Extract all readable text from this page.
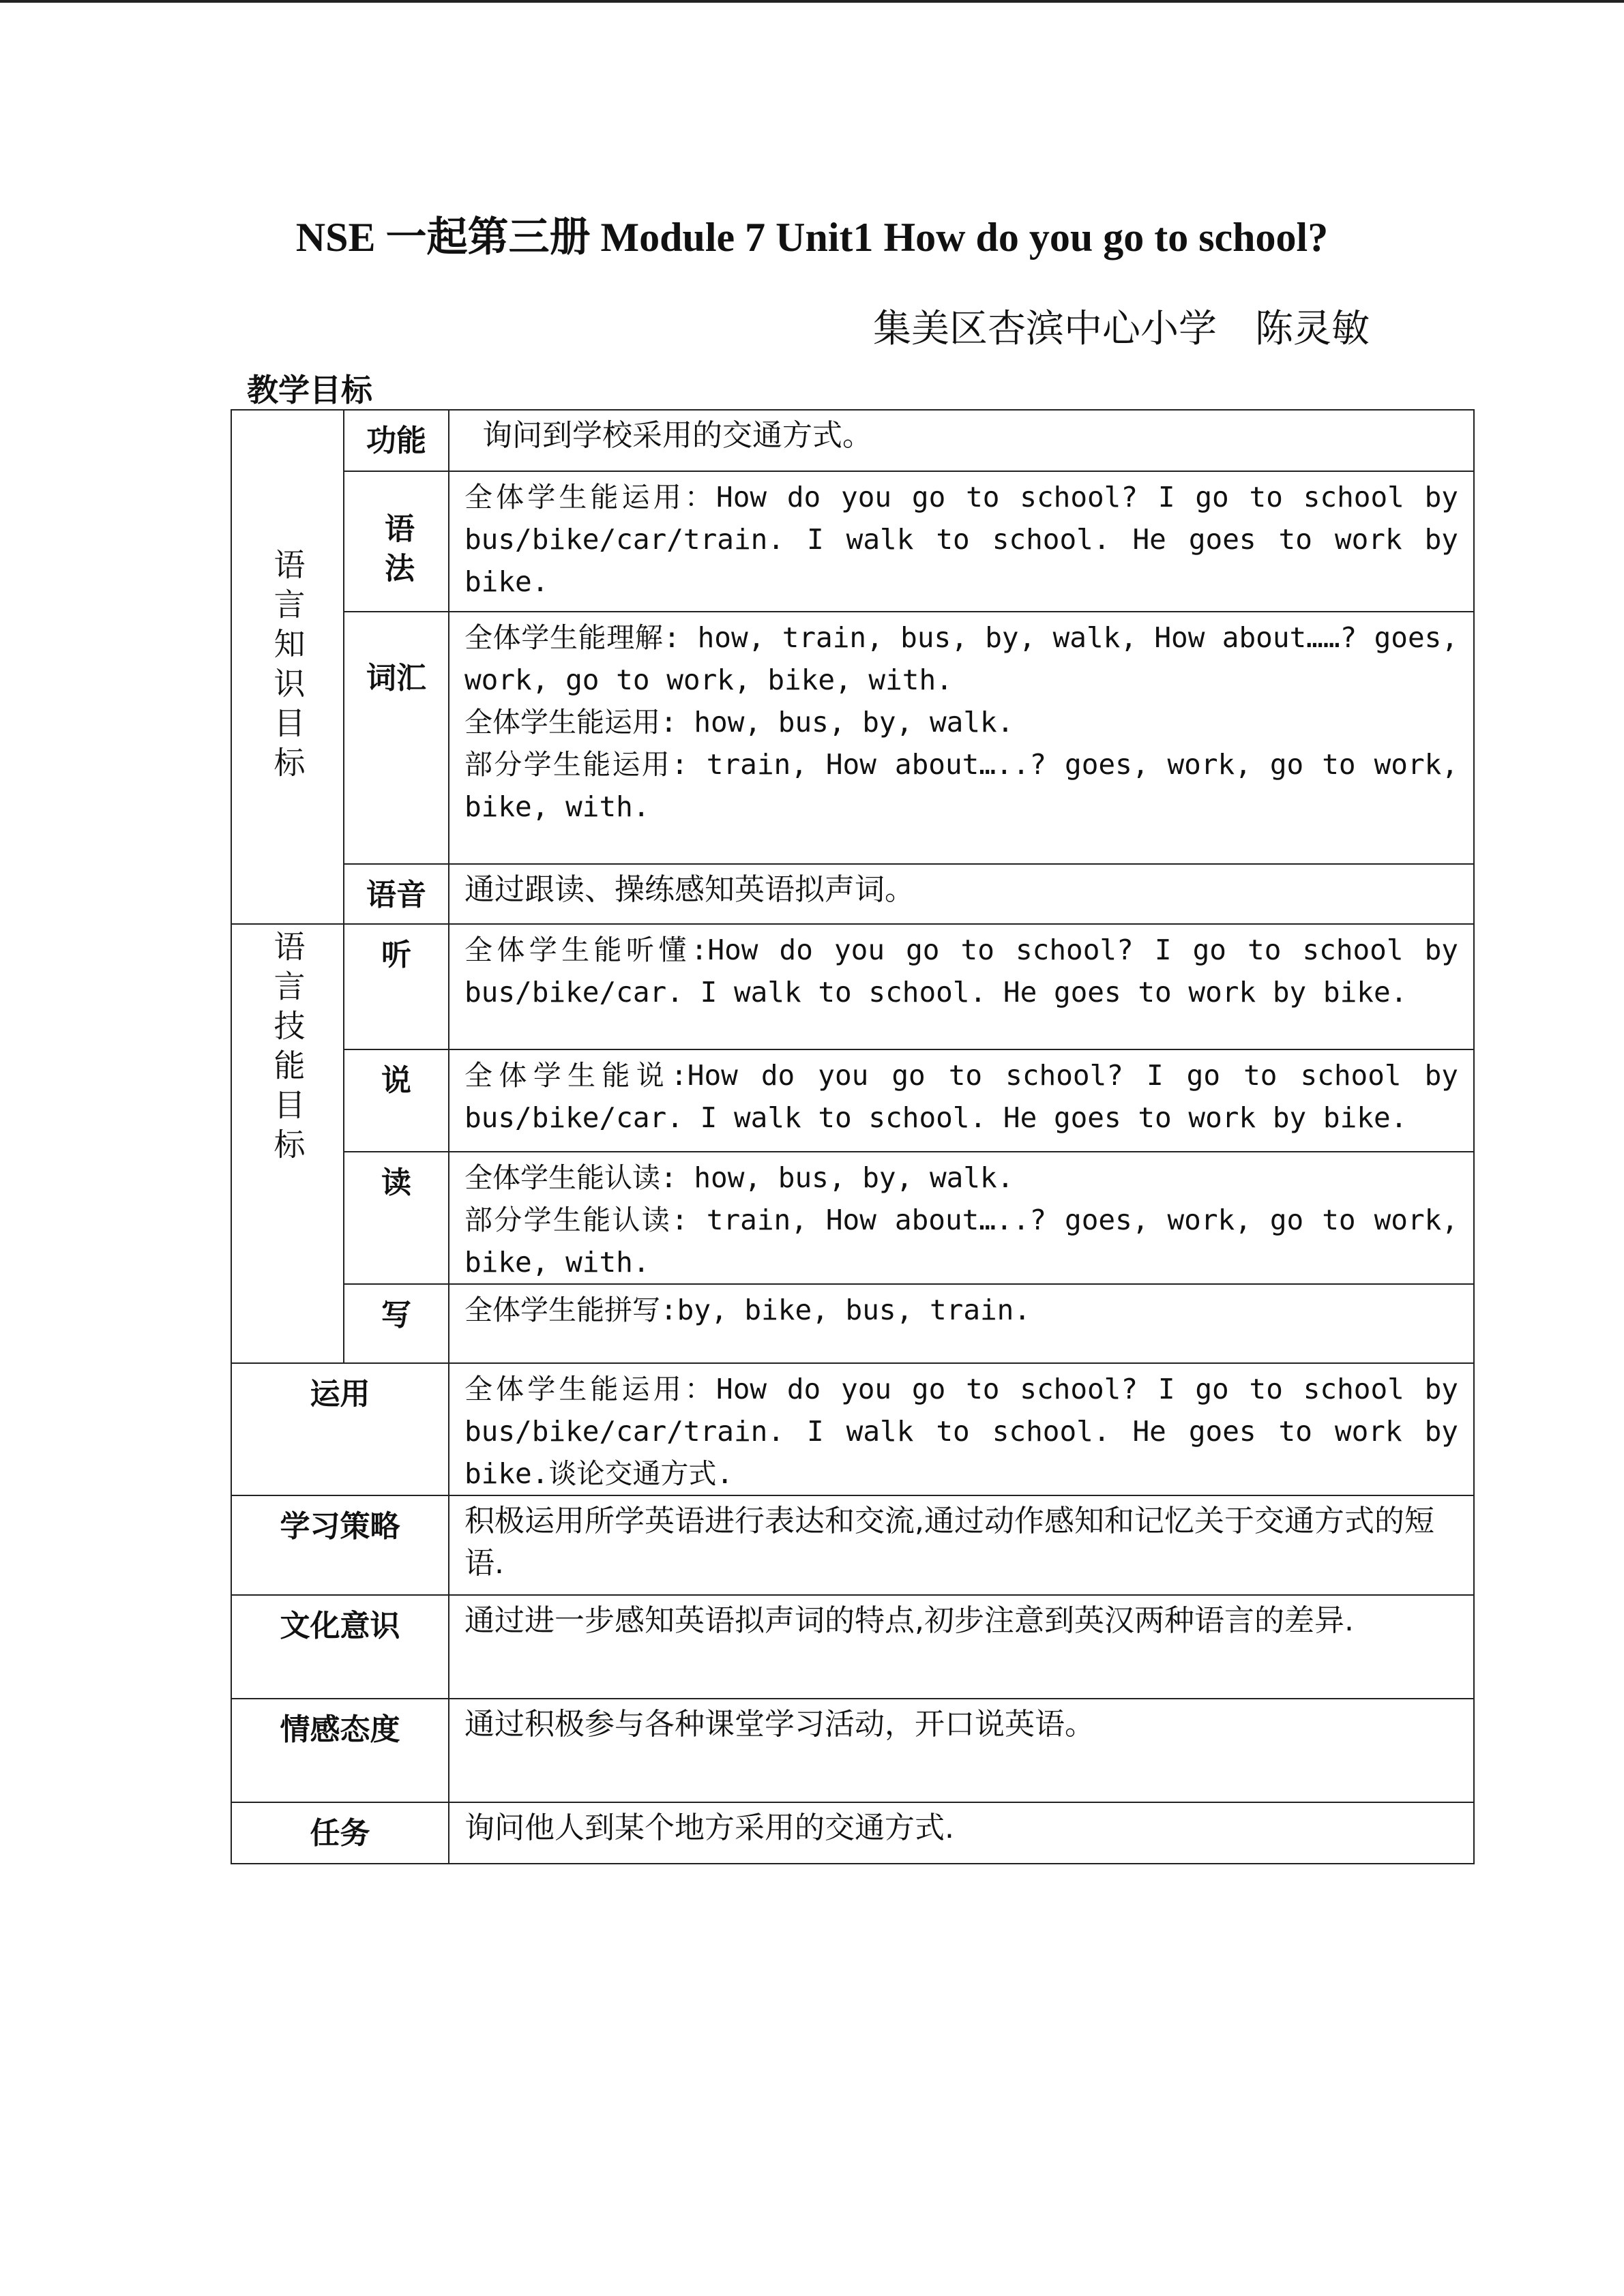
NSE 一起第三册 Module 7 Unit1 How do you go to school?
集美区杏滨中心小学 陈灵敏
教学目标
语言知识目标	功能	询问到学校采用的交通方式。

	语法	全体学生能运用：How do you go to school? I go to school by bus/bike/car/train. I walk to school. He goes to work by bike.

	词汇	全体学生能理解: how, train, bus, by, walk, How about……? goes, work, go to work, bike, with.

全体学生能运用: how, bus, by, walk.

部分学生能运用: train, How about…..? goes, work, go to work, bike, with.

	语音	通过跟读、操练感知英语拟声词。

语言技能目标	听	全体学生能听懂:How do you go to school? I go to school by bus/bike/car. I walk to school. He goes to work by bike.

	说	全体学生能说:How do you go to school? I go to school by bus/bike/car. I walk to school. He goes to work by bike.

	读	全体学生能认读: how, bus, by, walk.

部分学生能认读: train, How about…..? goes, work, go to work, bike, with.

	写	全体学生能拼写:by, bike, bus, train.

运用		全体学生能运用：How do you go to school? I go to school by bus/bike/car/train. I walk to school. He goes to work by bike.谈论交通方式.

学习策略		积极运用所学英语进行表达和交流,通过动作感知和记忆关于交通方式的短语.

文化意识		通过进一步感知英语拟声词的特点,初步注意到英汉两种语言的差异.

情感态度		通过积极参与各种课堂学习活动，开口说英语。

任务		询问他人到某个地方采用的交通方式.
